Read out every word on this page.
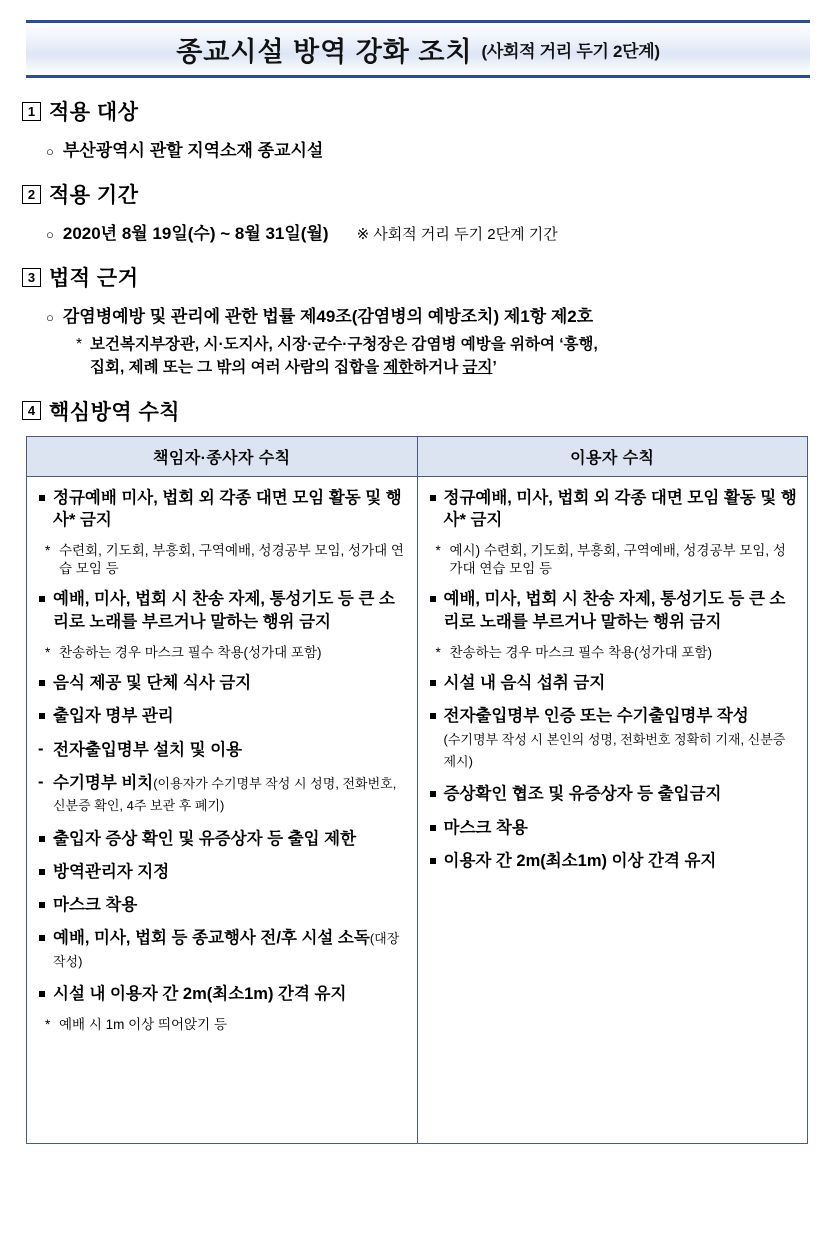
종교시설 방역 강화 조치 (사회적 거리 두기 2단계)
1 적용 대상
○ 부산광역시 관할 지역소재 종교시설
2 적용 기간
○ 2020년 8월 19일(수) ~ 8월 31일(월) ※ 사회적 거리 두기 2단계 기간
3 법적 근거
○ 감염병예방 및 관리에 관한 법률 제49조(감염병의 예방조치) 제1항 제2호
* 보건복지부장관, 시·도지사, 시장·군수·구청장은 감염병 예방을 위하여 ‘흥행,
집회, 제례 또는 그 밖의 여러 사람의 집합을 제한하거나 금지’
4 핵심방역 수칙
책임자·종사자 수칙	이용자 수칙

정규예배 미사, 법회 외 각종 대면 모임 활동 및 행사* 금지
* 수련회, 기도회, 부흥회, 구역예배, 성경공부 모임, 성가대 연습 모임 등
예배, 미사, 법회 시 찬송 자제, 통성기도 등 큰 소리로 노래를 부르거나 말하는 행위 금지
* 찬송하는 경우 마스크 필수 착용(성가대 포함)
음식 제공 및 단체 식사 금지
출입자 명부 관리
- 전자출입명부 설치 및 이용
- 수기명부 비치(이용자가 수기명부 작성 시 성명, 전화번호, 신분증 확인, 4주 보관 후 폐기)
출입자 증상 확인 및 유증상자 등 출입 제한
방역관리자 지정
마스크 착용
예배, 미사, 법회 등 종교행사 전/후 시설 소독(대장작성)
시설 내 이용자 간 2m(최소1m) 간격 유지
* 예배 시 1m 이상 띄어앉기 등

정규예배, 미사, 법회 외 각종 대면 모임 활동 및 행사* 금지
* 예시) 수련회, 기도회, 부흥회, 구역예배, 성경공부 모임, 성가대 연습 모임 등
예배, 미사, 법회 시 찬송 자제, 통성기도 등 큰 소리로 노래를 부르거나 말하는 행위 금지
* 찬송하는 경우 마스크 필수 착용(성가대 포함)
시설 내 음식 섭취 금지
전자출입명부 인증 또는 수기출입명부 작성
(수기명부 작성 시 본인의 성명, 전화번호 정확히 기재, 신분증 제시)
증상확인 협조 및 유증상자 등 출입금지
마스크 착용
이용자 간 2m(최소1m) 이상 간격 유지
